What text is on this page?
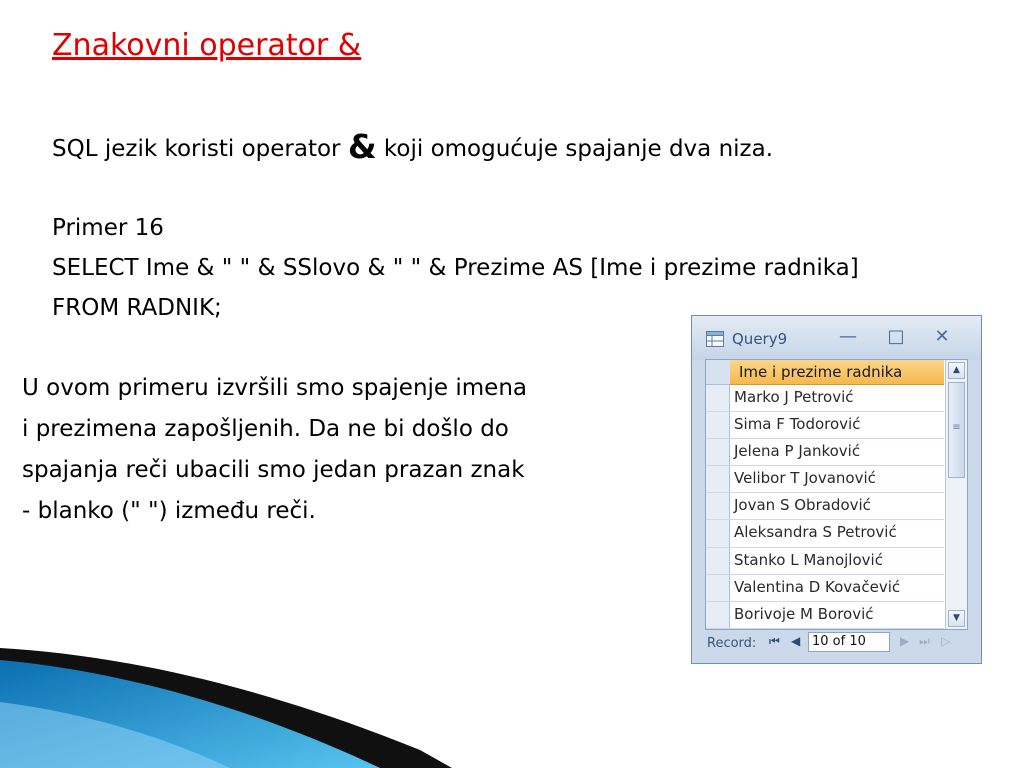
Znakovni operator &
SQL jezik koristi operator & koji omogućuje spajanje dva niza.
Primer 16
SELECT Ime & " " & SSlovo & " " & Prezime AS [Ime i prezime radnika]
FROM RADNIK;
U ovom primeru izvršili smo spajenje imena
i prezimena zapošljenih. Da ne bi došlo do
spajanja reči ubacili smo jedan prazan znak
- blanko (" ") između reči.
Query9	— □ ✕
Ime i prezime radnika
Marko J Petrović
Sima F Todorović
Jelena P Janković
Velibor T Jovanović
Jovan S Obradović
Aleksandra S Petrović
Stanko L Manojlović
Valentina D Kovačević
Borivoje M Borović
▲
≡
▼
Record: ⏮ ◀ 10 of 10	▶ ⏭ ▷
